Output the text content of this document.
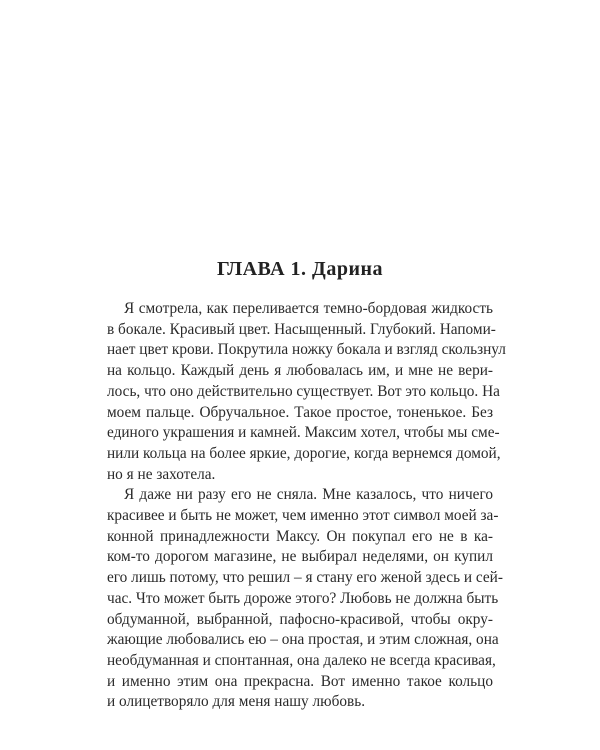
ГЛАВА 1. Дарина
Я смотрела, как переливается темно-бордовая жидкость
в бокале. Красивый цвет. Насыщенный. Глубокий. Напоми-
нает цвет крови. Покрутила ножку бокала и взгляд скользнул
на кольцо. Каждый день я любовалась им, и мне не вери-
лось, что оно действительно существует. Вот это кольцо. На
моем пальце. Обручальное. Такое простое, тоненькое. Без
единого украшения и камней. Максим хотел, чтобы мы сме-
нили кольца на более яркие, дорогие, когда вернемся домой,
но я не захотела.
Я даже ни разу его не сняла. Мне казалось, что ничего
красивее и быть не может, чем именно этот символ моей за-
конной принадлежности Максу. Он покупал его не в ка-
ком-то дорогом магазине, не выбирал неделями, он купил
его лишь потому, что решил – я стану его женой здесь и сей-
час. Что может быть дороже этого? Любовь не должна быть
обдуманной, выбранной, пафосно-красивой, чтобы окру-
жающие любовались ею – она простая, и этим сложная, она
необдуманная и спонтанная, она далеко не всегда красивая,
и именно этим она прекрасна. Вот именно такое кольцо
и олицетворяло для меня нашу любовь.
